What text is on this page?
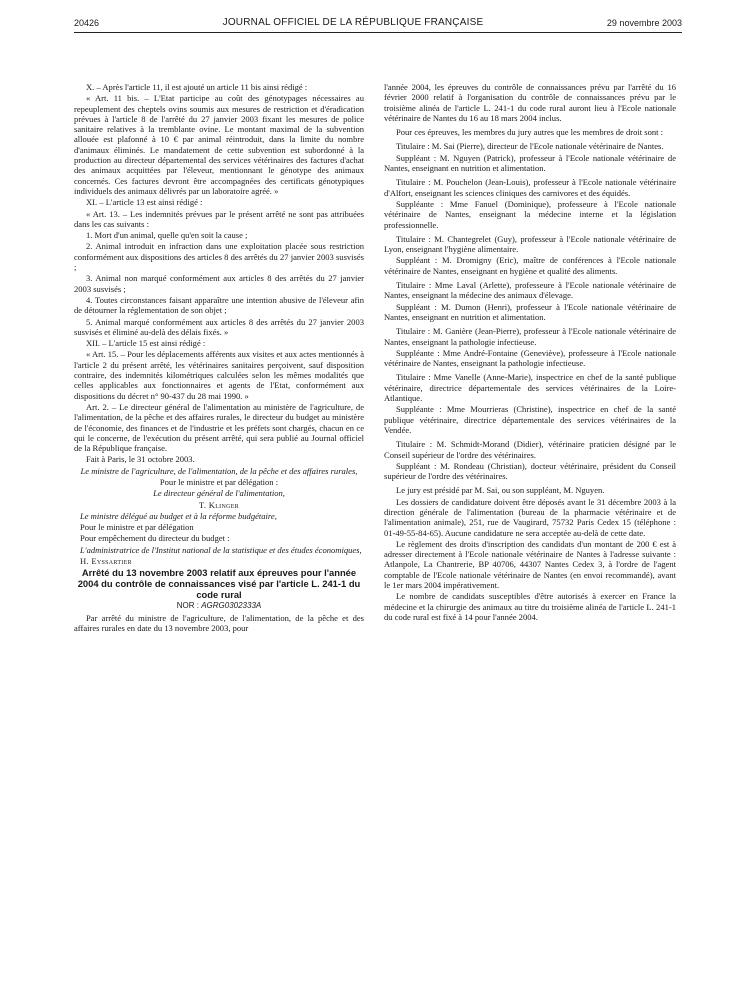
20426	JOURNAL OFFICIEL DE LA RÉPUBLIQUE FRANÇAISE	29 novembre 2003

X. – Après l'article 11, il est ajouté un article 11 bis ainsi rédigé :

« Art. 11 bis. – L'Etat participe au coût des génotypages nécessaires au repeuplement des cheptels ovins soumis aux mesures de restriction et d'éradication prévues à l'article 8 de l'arrêté du 27 janvier 2003 fixant les mesures de police sanitaire relatives à la tremblante ovine. Le montant maximal de la subvention allouée est plafonné à 10 € par animal réintroduit, dans la limite du nombre d'animaux éliminés. Le mandatement de cette subvention est subordonné à la production au directeur départemental des services vétérinaires des factures d'achat des animaux acquittées par l'éleveur, mentionnant le génotype des animaux concernés. Ces factures devront être accompagnées des certificats génotypiques individuels des animaux délivrés par un laboratoire agréé. »

XI. – L'article 13 est ainsi rédigé :

« Art. 13. – Les indemnités prévues par le présent arrêté ne sont pas attribuées dans les cas suivants :

1. Mort d'un animal, quelle qu'en soit la cause ;

2. Animal introduit en infraction dans une exploitation placée sous restriction conformément aux dispositions des articles 8 des arrêtés du 27 janvier 2003 susvisés ;

3. Animal non marqué conformément aux articles 8 des arrêtés du 27 janvier 2003 susvisés ;

4. Toutes circonstances faisant apparaître une intention abusive de l'éleveur afin de détourner la réglementation de son objet ;

5. Animal marqué conformément aux articles 8 des arrêtés du 27 janvier 2003 susvisés et éliminé au-delà des délais fixés. »

XII. – L'article 15 est ainsi rédigé :

« Art. 15. – Pour les déplacements afférents aux visites et aux actes mentionnés à l'article 2 du présent arrêté, les vétérinaires sanitaires perçoivent, sauf disposition contraire, des indemnités kilométriques calculées selon les mêmes modalités que celles applicables aux fonctionnaires et agents de l'Etat, conformément aux dispositions du décret n° 90-437 du 28 mai 1990. »

Art. 2. – Le directeur général de l'alimentation au ministère de l'agriculture, de l'alimentation, de la pêche et des affaires rurales, le directeur du budget au ministère de l'économie, des finances et de l'industrie et les préfets sont chargés, chacun en ce qui le concerne, de l'exécution du présent arrêté, qui sera publié au Journal officiel de la République française.

Fait à Paris, le 31 octobre 2003.

Le ministre de l'agriculture, de l'alimentation, de la pêche et des affaires rurales,

Pour le ministre et par délégation :

Le directeur général de l'alimentation,

T. Klinger

Le ministre délégué au budget et à la réforme budgétaire,

Pour le ministre et par délégation

Pour empêchement du directeur du budget :

L'administratrice de l'Institut national de la statistique et des études économiques,

H. Eyssartier

Arrêté du 13 novembre 2003 relatif aux épreuves pour l'année 2004 du contrôle de connaissances visé par l'article L. 241-1 du code rural

NOR : AGRG0302333A

Par arrêté du ministre de l'agriculture, de l'alimentation, de la pêche et des affaires rurales en date du 13 novembre 2003, pour

l'année 2004, les épreuves du contrôle de connaissances prévu par l'arrêté du 16 février 2000 relatif à l'organisation du contrôle de connaissances prévu par le troisième alinéa de l'article L. 241-1 du code rural auront lieu à l'Ecole nationale vétérinaire de Nantes du 16 au 18 mars 2004 inclus.

Pour ces épreuves, les membres du jury autres que les membres de droit sont :

Titulaire : M. Sai (Pierre), directeur de l'Ecole nationale vétérinaire de Nantes.

Suppléant : M. Nguyen (Patrick), professeur à l'Ecole nationale vétérinaire de Nantes, enseignant en nutrition et alimentation.

Titulaire : M. Pouchelon (Jean-Louis), professeur à l'Ecole nationale vétérinaire d'Alfort, enseignant les sciences cliniques des carnivores et des équidés.

Suppléante : Mme Fanuel (Dominique), professeure à l'Ecole nationale vétérinaire de Nantes, enseignant la médecine interne et la législation professionnelle.

Titulaire : M. Chantegrelet (Guy), professeur à l'Ecole nationale vétérinaire de Lyon, enseignant l'hygiène alimentaire.

Suppléant : M. Dromigny (Eric), maître de conférences à l'Ecole nationale vétérinaire de Nantes, enseignant en hygiène et qualité des aliments.

Titulaire : Mme Laval (Arlette), professeure à l'Ecole nationale vétérinaire de Nantes, enseignant la médecine des animaux d'élevage.

Suppléant : M. Dumon (Henri), professeur à l'Ecole nationale vétérinaire de Nantes, enseignant en nutrition et alimentation.

Titulaire : M. Ganière (Jean-Pierre), professeur à l'Ecole nationale vétérinaire de Nantes, enseignant la pathologie infectieuse.

Suppléante : Mme André-Fontaine (Geneviève), professeure à l'Ecole nationale vétérinaire de Nantes, enseignant la pathologie infectieuse.

Titulaire : Mme Vanelle (Anne-Marie), inspectrice en chef de la santé publique vétérinaire, directrice départementale des services vétérinaires de la Loire-Atlantique.

Suppléante : Mme Mourrieras (Christine), inspectrice en chef de la santé publique vétérinaire, directrice départementale des services vétérinaires de la Vendée.

Titulaire : M. Schmidt-Morand (Didier), vétérinaire praticien désigné par le Conseil supérieur de l'ordre des vétérinaires.

Suppléant : M. Rondeau (Christian), docteur vétérinaire, président du Conseil supérieur de l'ordre des vétérinaires.

Le jury est présidé par M. Sai, ou son suppléant, M. Nguyen.

Les dossiers de candidature doivent être déposés avant le 31 décembre 2003 à la direction générale de l'alimentation (bureau de la pharmacie vétérinaire et de l'alimentation animale), 251, rue de Vaugirard, 75732 Paris Cedex 15 (téléphone : 01-49-55-84-65). Aucune candidature ne sera acceptée au-delà de cette date.

Le règlement des droits d'inscription des candidats d'un montant de 200 € est à adresser directement à l'Ecole nationale vétérinaire de Nantes à l'adresse suivante : Atlanpole, La Chantrerie, BP 40706, 44307 Nantes Cedex 3, à l'ordre de l'agent comptable de l'Ecole nationale vétérinaire de Nantes (en envoi recommandé), avant le 1er mars 2004 impérativement.

Le nombre de candidats susceptibles d'être autorisés à exercer en France la médecine et la chirurgie des animaux au titre du troisième alinéa de l'article L. 241-1 du code rural est fixé à 14 pour l'année 2004.
